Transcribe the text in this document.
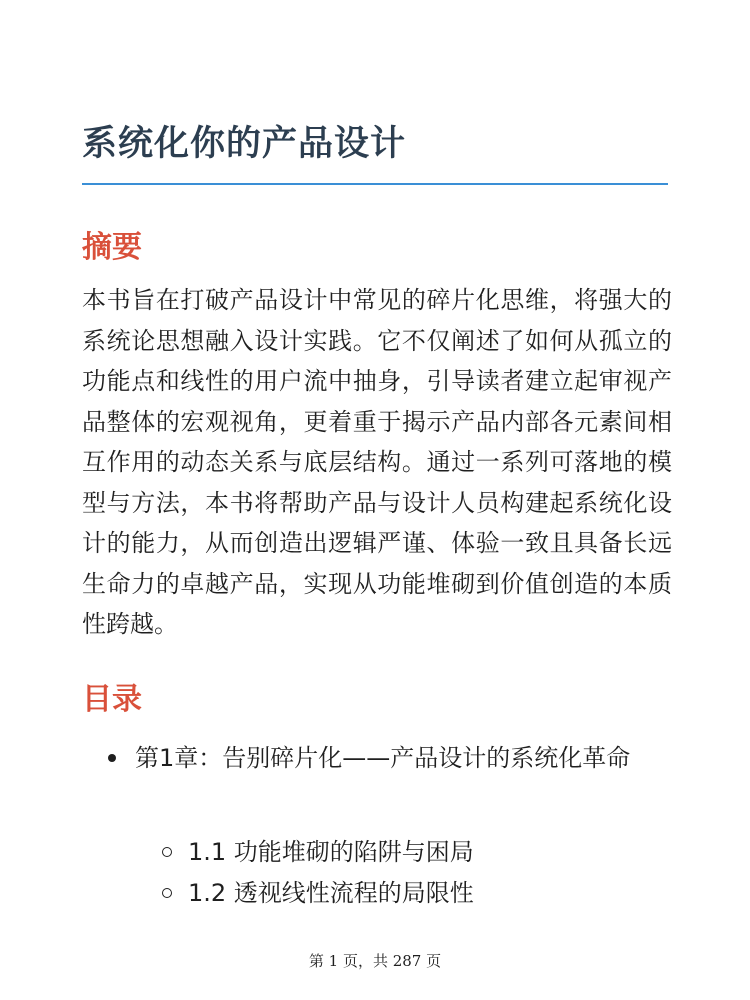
系统化你的产品设计
摘要

本书旨在打破产品设计中常见的碎片化思维，将强大的系统论思想融入设计实践。它不仅阐述了如何从孤立的功能点和线性的用户流中抽身，引导读者建立起审视产品整体的宏观视角，更着重于揭示产品内部各元素间相互作用的动态关系与底层结构。通过一系列可落地的模型与方法，本书将帮助产品与设计人员构建起系统化设计的能力，从而创造出逻辑严谨、体验一致且具备长远生命力的卓越产品，实现从功能堆砌到价值创造的本质性跨越。

目录
第1章：告别碎片化——产品设计的系统化革命
1.1 功能堆砌的陷阱与困局
1.2 透视线性流程的局限性
第 1 页，共 287 页
